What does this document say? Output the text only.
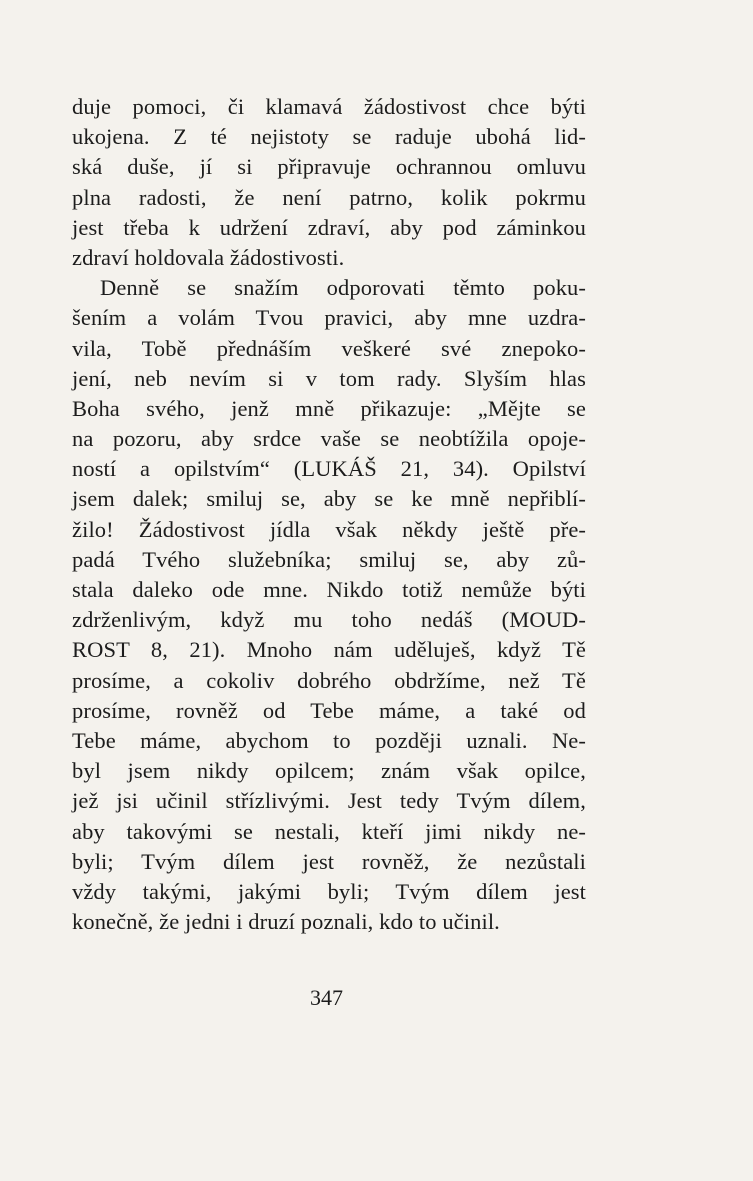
duje pomoci, či klamavá žádostivost chce býti
ukojena. Z té nejistoty se raduje ubohá lid-
ská duše, jí si připravuje ochrannou omluvu
plna radosti, že není patrno, kolik pokrmu
jest třeba k udržení zdraví, aby pod záminkou
zdraví holdovala žádostivosti.
Denně se snažím odporovati těmto poku-
šením a volám Tvou pravici, aby mne uzdra-
vila, Tobě přednáším veškeré své znepoko-
jení, neb nevím si v tom rady. Slyším hlas
Boha svého, jenž mně přikazuje: „Mějte se
na pozoru, aby srdce vaše se neobtížila opoje-
ností a opilstvím“ (LUKÁŠ 21, 34). Opilství
jsem dalek; smiluj se, aby se ke mně nepřiblí-
žilo! Žádostivost jídla však někdy ještě pře-
padá Tvého služebníka; smiluj se, aby zů-
stala daleko ode mne. Nikdo totiž nemůže býti
zdrženlivým, když mu toho nedáš (MOUD-
ROST 8, 21). Mnoho nám uděluješ, když Tě
prosíme, a cokoliv dobrého obdržíme, než Tě
prosíme, rovněž od Tebe máme, a také od
Tebe máme, abychom to později uznali. Ne-
byl jsem nikdy opilcem; znám však opilce,
jež jsi učinil střízlivými. Jest tedy Tvým dílem,
aby takovými se nestali, kteří jimi nikdy ne-
byli; Tvým dílem jest rovněž, že nezůstali
vždy takými, jakými byli; Tvým dílem jest
konečně, že jedni i druzí poznali, kdo to učinil.
347
